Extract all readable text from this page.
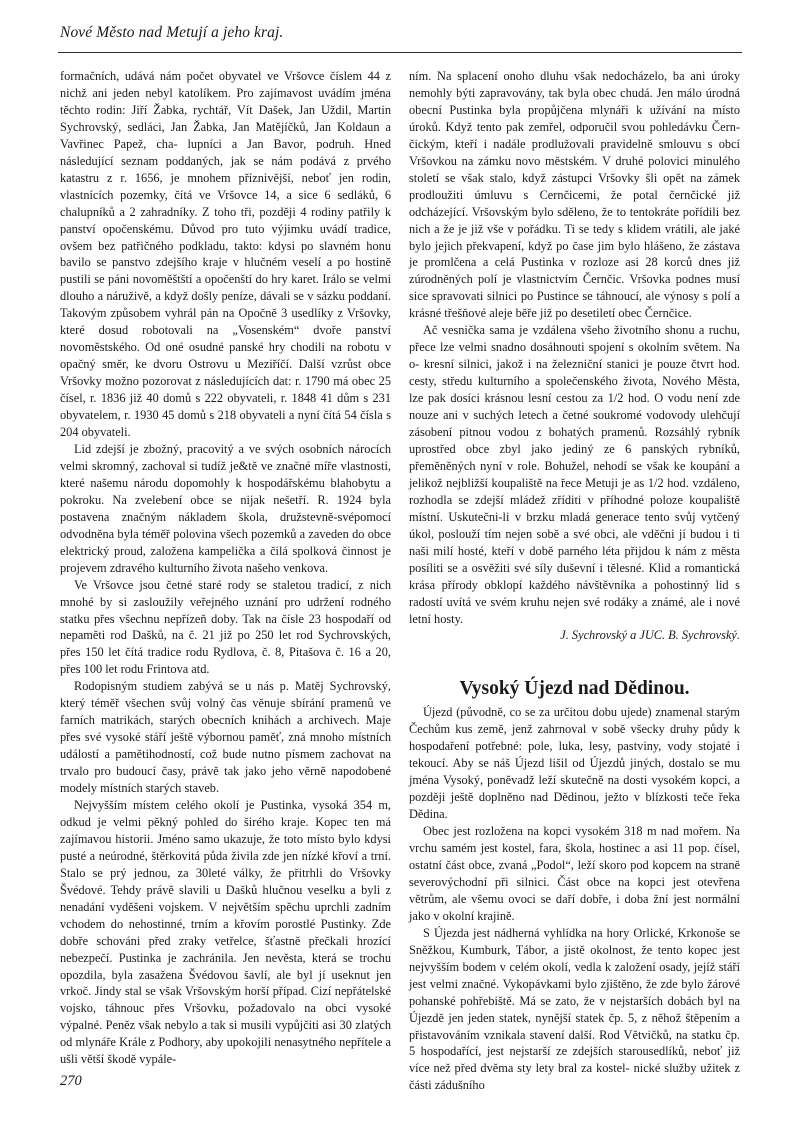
Nové Město nad Metují a jeho kraj.

formačních, udává nám počet obyvatel ve Vršovce číslem 44 z nichž ani jeden nebyl katolíkem. Pro zajímavost uvádím jména těchto rodin: Jiří Žabka, rychtář, Vít Dašek, Jan Uždil, Martin Sychrovský, sedláci, Jan Žabka, Jan Matějíčků, Jan Koldaun a Vavřinec Papež, cha- lupníci a Jan Bavor, podruh. Hned následující seznam poddaných, jak se nám podává z prvého katastru z r. 1656, je mnohem příznivější, neboť jen rodin, vlastnících pozemky, čítá ve Vršovce 14, a sice 6 sedláků, 6 chalupníků a 2 zahradníky. Z toho tři, později 4 rodiny patřily k panství opočenskému. Důvod pro tuto výjimku uvádí tradice, ovšem bez patřičného podkladu, takto: kdysi po slavném honu bavilo se panstvo zdejšího kraje v hlučném veselí a po hostině pustili se páni novoměštští a opočenští do hry karet. Irálo se velmi dlouho a náruživě, a když došly peníze, dávali se v sázku poddaní. Takovým způsobem vyhrál pán na Opočně 3 usedlíky z Vršovky, které dosud robotovali na „Vosenském“ dvoře panství novoměstského. Od oné osudné panské hry chodili na robotu v opačný směr, ke dvoru Ostrovu u Meziříčí. Další vzrůst obce Vršovky možno pozorovat z následujících dat: r. 1790 má obec 25 čísel, r. 1836 již 40 domů s 222 obyvateli, r. 1848 41 dům s 231 obyvatelem, r. 1930 45 domů s 218 obyvateli a nyní čítá 54 čísla s 204 obyvateli.

Lid zdejší je zbožný, pracovitý a ve svých osobních nárocích velmi skromný, zachoval si tudíž je&tě ve značné míře vlastnosti, které našemu národu dopomohly k hospodářskému blahobytu a pokroku. Na zvelebení obce se nijak nešetří. R. 1924 byla postavena značným nákladem škola, družstevně-svépomocí odvodněna byla téměř polovina všech pozemků a zaveden do obce elektrický proud, založena kampelička a čilá spolková činnost je projevem zdravého kulturního života našeho venkova.

Ve Vršovce jsou četné staré rody se staletou tradicí, z nich mnohé by si zasloužily veřejného uznání pro udržení rodného statku přes všechnu nepřízeň doby. Tak na čísle 23 hospodaří od nepaměti rod Dašků, na č. 21 již po 250 let rod Sychrovských, přes 150 let čítá tradice rodu Rydlova, č. 8, Pitašova č. 16 a 20, přes 100 let rodu Frintova atd.

Rodopisným studiem zabývá se u nás p. Matěj Sychrovský, který téměř všechen svůj volný čas věnuje sbírání pramenů ve farních matrikách, starých obecních knihách a archivech. Maje přes své vysoké stáří ještě výbornou paměť, zná mnoho místních událostí a pamětihodností, což bude nutno písmem zachovat na trvalo pro budoucí časy, právě tak jako jeho věrně napodobené modely místních starých staveb.

Nejvyšším místem celého okolí je Pustinka, vysoká 354 m, odkud je velmi pěkný pohled do širého kraje. Kopec ten má zajímavou historii. Jméno samo ukazuje, že toto místo bylo kdysi pusté a neúrodné, štěrkovitá půda živila zde jen nízké křoví a trní. Stalo se prý jednou, za 30leté války, že přitrhli do Vršovky Švédové. Tehdy právě slavili u Dašků hlučnou veselku a byli z nenadání vyděšeni vojskem. V největším spěchu uprchli zadním vchodem do nehostinné, trním a křovím porostlé Pustinky. Zde dobře schováni před zraky vetřelce, šťastně přečkali hrozící nebezpečí. Pustinka je zachránila. Jen nevěsta, která se trochu opozdila, byla zasažena Švédovou šavlí, ale byl jí useknut jen vrkoč. Jindy stal se však Vršovským horší případ. Cizí nepřátelské vojsko, táhnouc přes Vršovku, požadovalo na obci vysoké výpalné. Peněz však nebylo a tak si musili vypůjčiti asi 30 zlatých od mlynáře Krále z Podhory, aby upokojili nenasytného nepřítele a ušli větší škodě vypále-

ním. Na splacení onoho dluhu však nedocházelo, ba ani úroky nemohly býti zapravovány, tak byla obec chudá. Jen málo úrodná obecní Pustinka byla propůjčena mlynáři k užívání na místo úroků. Když tento pak zemřel, odporučil svou pohledávku Čern- čickým, kteří i nadále prodlužovali pravidelně smlouvu s obcí Vršovkou na zámku novo městském. V druhé polovici minulého století se však stalo, když zástupci Vršovky šli opět na zámek prodloužiti úmluvu s Cernčicemi, že potal černčické již odcházející. Vršovským bylo sděleno, že to tentokráte pořídili bez nich a že je již vše v pořádku. Ti se tedy s klidem vrátili, ale jaké bylo jejich překvapení, když po čase jim bylo hlášeno, že zástava je promlčena a celá Pustinka v rozloze asi 28 korců dnes již zúrodněných polí je vlastnictvím Černčic. Vršovka podnes musí sice spravovati silnici po Pustince se táhnoucí, ale výnosy s polí a krásné třešňové aleje běře již po desetiletí obec Černčice.

Ač vesnička sama je vzdálena všeho životního shonu a ruchu, přece lze velmi snadno dosáhnouti spojení s okolním světem. Na o- kresní silnici, jakož i na železniční stanici je pouze čtvrt hod. cesty, středu kulturního a společenského života, Nového Města, lze pak dosíci krásnou lesní cestou za 1/2 hod. O vodu není zde nouze ani v suchých letech a četné soukromé vodovody ulehčují zásobení pitnou vodou z bohatých pramenů. Rozsáhlý rybník uprostřed obce zbyl jako jediný ze 6 panských rybníků, přeměněných nyní v role. Bohužel, nehodí se však ke koupání a jelikož nejbližší koupaliště na řece Metuji je as 1/2 hod. vzdáleno, rozhodla se zdejší mládež zříditi v příhodné poloze koupaliště místní. Uskutečni-li v brzku mladá generace tento svůj vytčený úkol, poslouží tím nejen sobě a své obci, ale vděčni jí budou i ti naši milí hosté, kteří v době parného léta přijdou k nám z města posíliti se a osvěžiti své síly duševní i tělesné. Klid a romantická krása přírody obklopí každého návštěvníka a pohostinný lid s radostí uvítá ve svém kruhu nejen své rodáky a známé, ale i nové letní hosty.

J. Sychrovský a JUC. B. Sychrovský.

Vysoký Újezd nad Dědinou.

Újezd (původně, co se za určitou dobu ujede) znamenal starým Čechům kus země, jenž zahrnoval v sobě všecky druhy půdy k hospodaření potřebné: pole, luka, lesy, pastviny, vody stojaté i tekoucí. Aby se náš Újezd lišil od Újezdů jiných, dostalo se mu jména Vysoký, poněvadž leží skutečně na dosti vysokém kopci, a později ještě doplněno nad Dědinou, ježto v blízkosti teče řeka Dědina.

Obec jest rozložena na kopci vysokém 318 m nad mořem. Na vrchu samém jest kostel, fara, škola, hostinec a asi 11 pop. čísel, ostatní část obce, zvaná „Podol“, leží skoro pod kopcem na straně severovýchodní při silnici. Část obce na kopci jest otevřena větrům, ale všemu ovoci se daří dobře, i doba žní jest normální jako v okolní krajině.

S Újezda jest nádherná vyhlídka na hory Orlické, Krkonoše se Sněžkou, Kumburk, Tábor, a jistě okolnost, že tento kopec jest nejvyšším bodem v celém okolí, vedla k založení osady, jejíž stáří jest velmi značné. Vykopávkami bylo zjištěno, že zde bylo žárové pohanské pohřebiště. Má se zato, že v nejstarších dobách byl na Újezdě jen jeden statek, nynější statek čp. 5, z něhož štěpením a přistavováním vznikala stavení další. Rod Větvičků, na statku čp. 5 hospodařící, jest nejstarší ze zdejších starousedlíků, neboť již více než před dvěma sty lety bral za kostel- nické služby užitek z části zádušního

270
